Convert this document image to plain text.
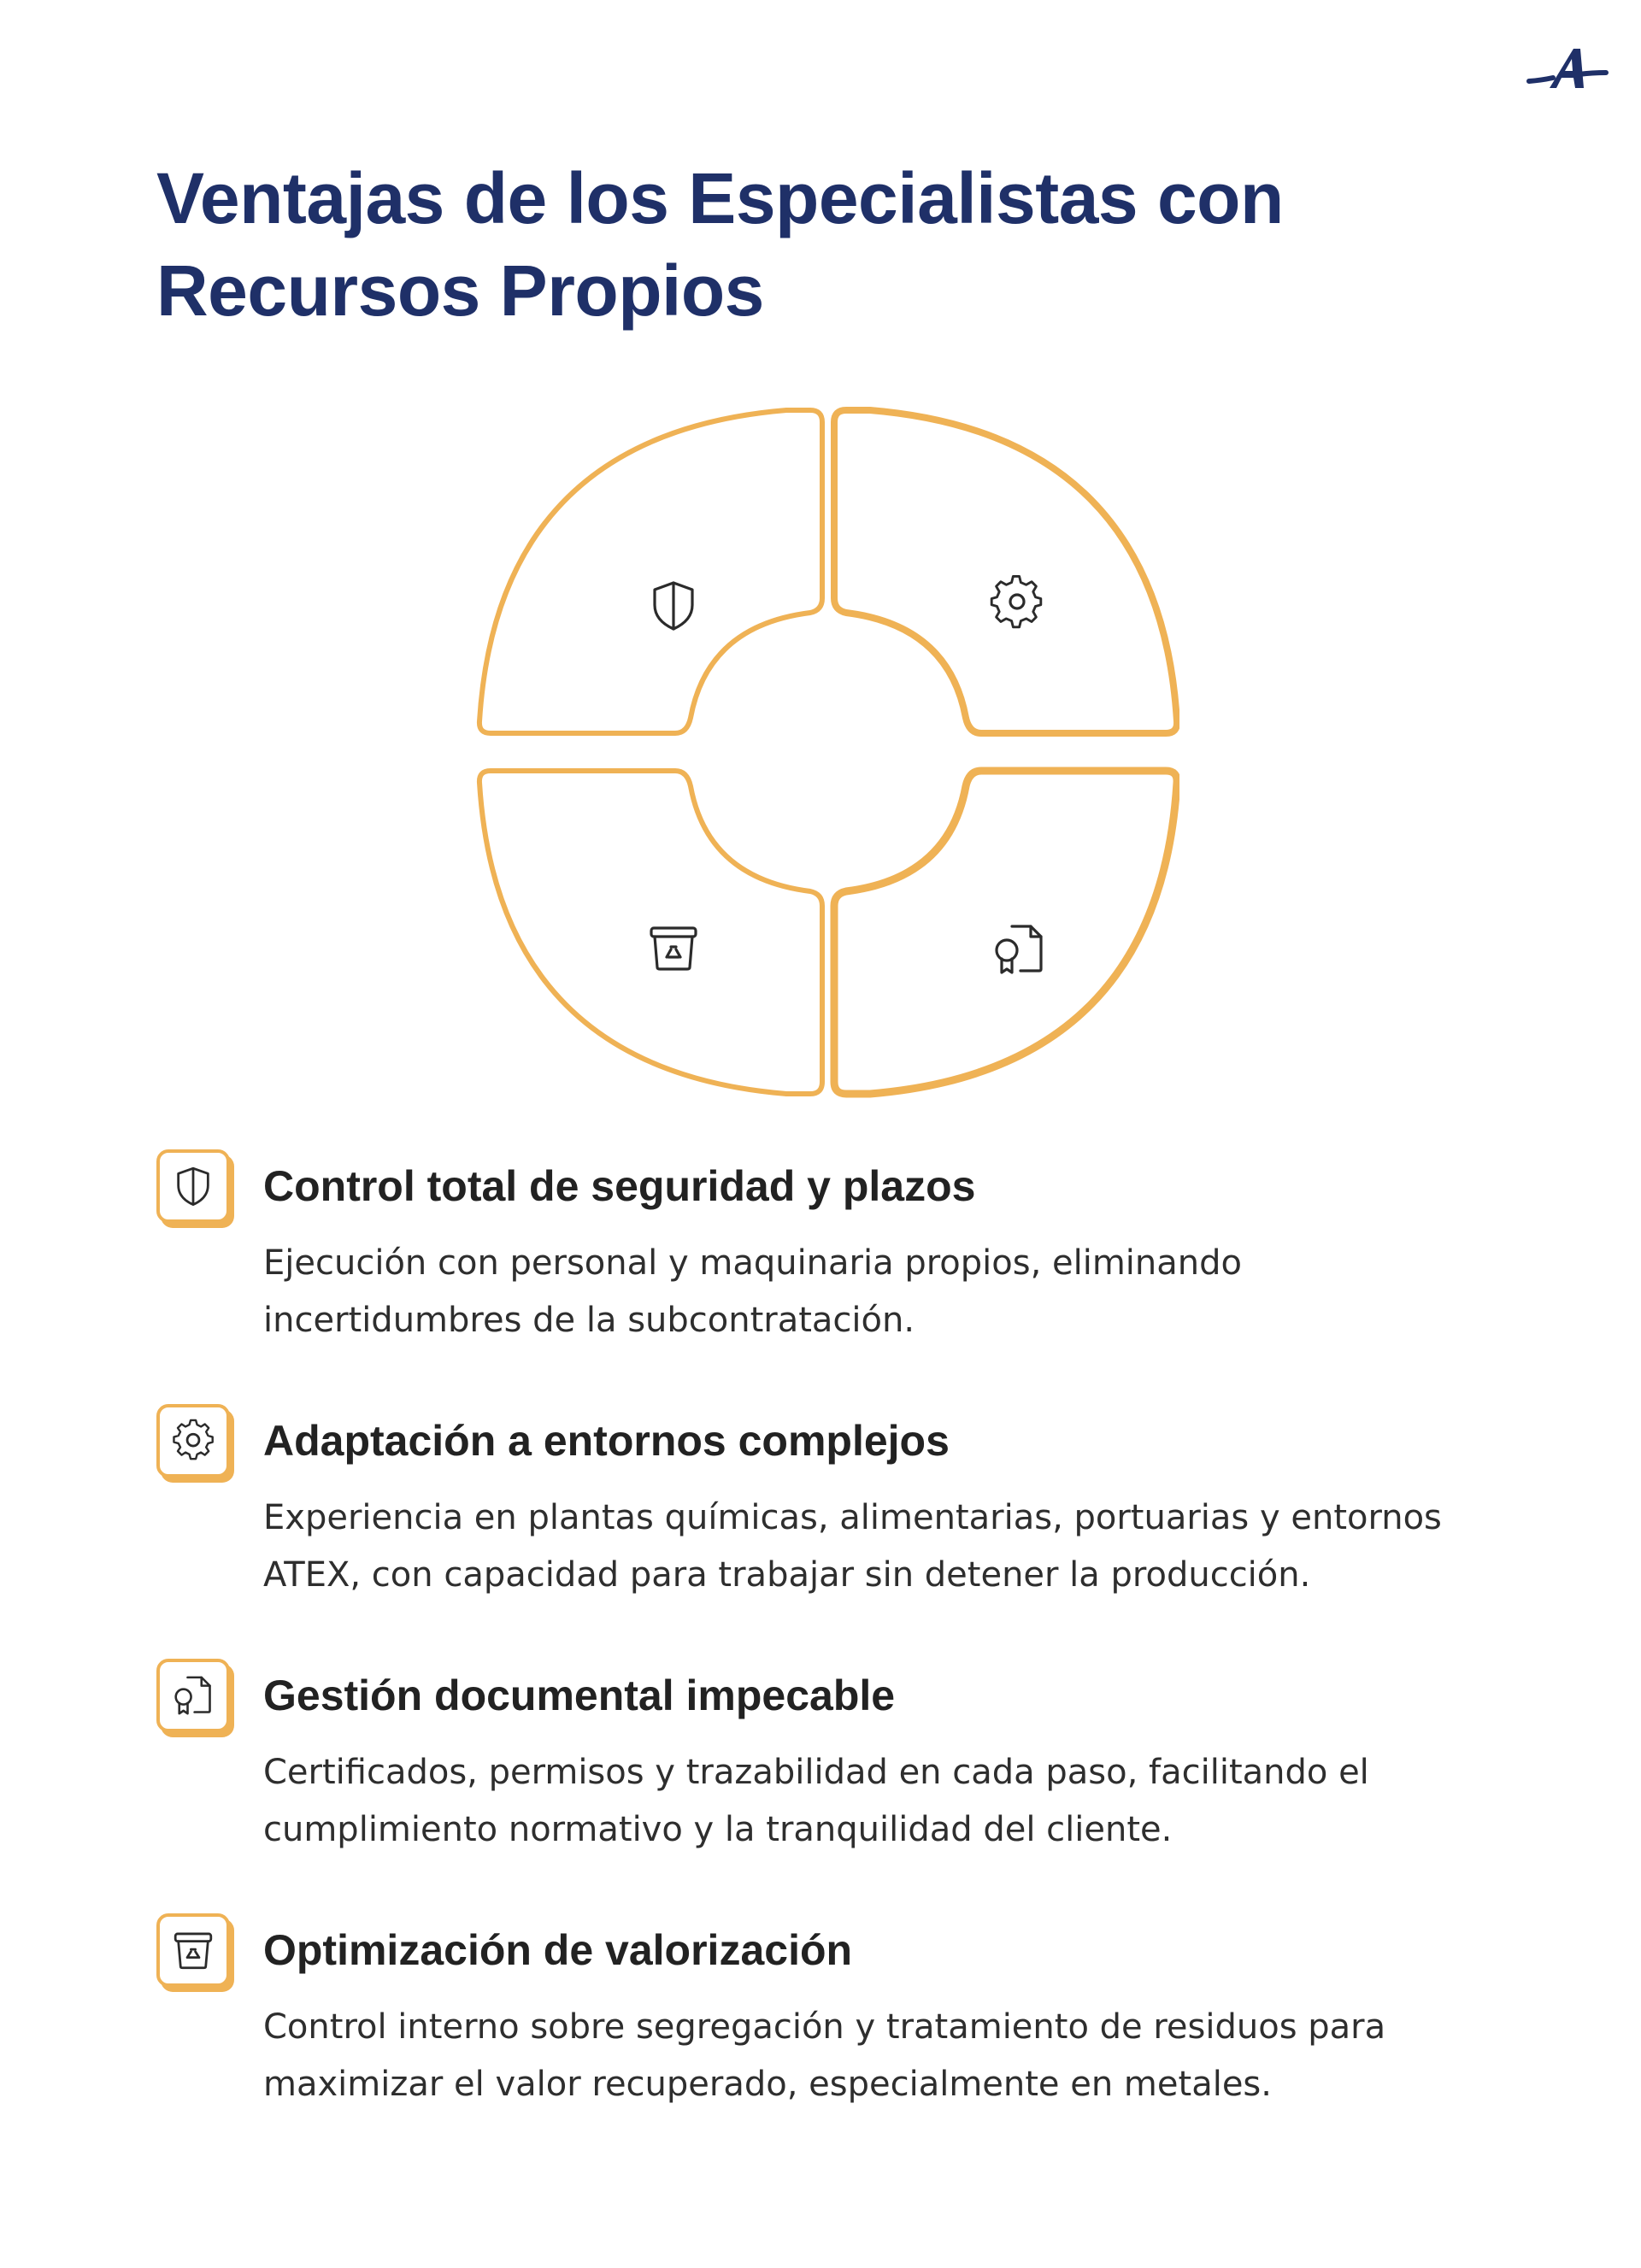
Ventajas de los Especialistas con Recursos Propios
Control total de seguridad y plazos

Ejecución con personal y maquinaria propios, eliminando incertidumbres de la subcontratación.

Adaptación a entornos complejos

Experiencia en plantas químicas, alimentarias, portuarias y entornos ATEX, con capacidad para trabajar sin detener la producción.

Gestión documental impecable

Certificados, permisos y trazabilidad en cada paso, facilitando el cumplimiento normativo y la tranquilidad del cliente.

Optimización de valorización

Control interno sobre segregación y tratamiento de residuos para maximizar el valor recuperado, especialmente en metales.
